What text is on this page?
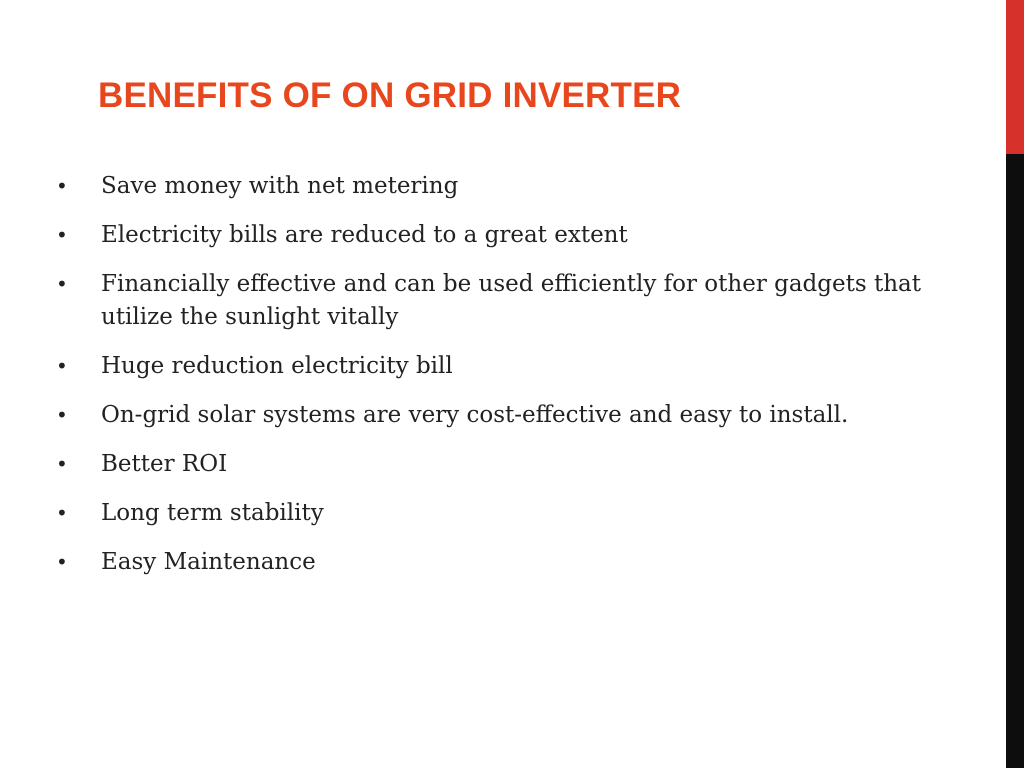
BENEFITS OF ON GRID INVERTER
•	Save money with net metering
•	Electricity bills are reduced to a great extent
•	Financially effective and can be used efficiently for other gadgets that utilize the sunlight vitally
•	Huge reduction electricity bill
•	On-grid solar systems are very cost-effective and easy to install.
•	Better ROI
•	Long term stability
•	Easy Maintenance
